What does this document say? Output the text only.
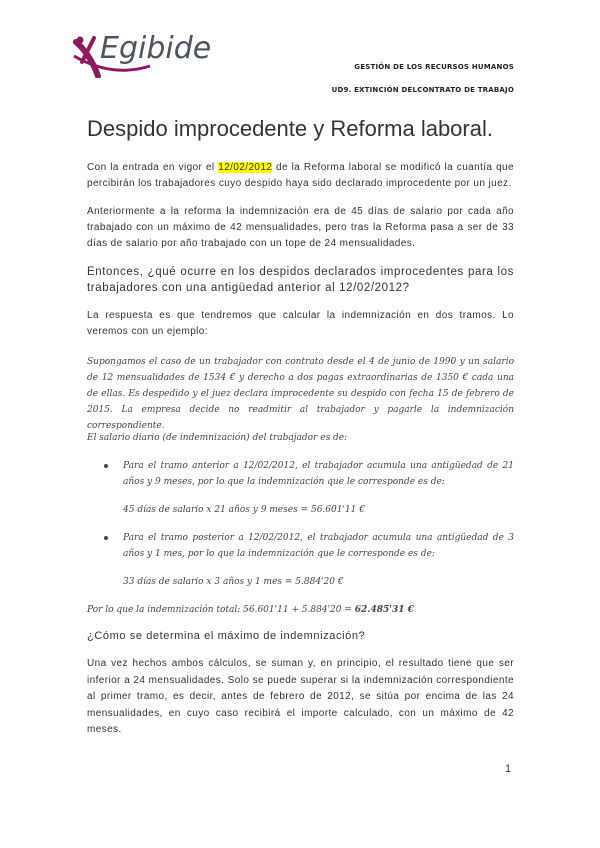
Egibide
GESTIÓN DE LOS RECURSOS HUMANOS
UD9. EXTINCIÓN DELCONTRATO DE TRABAJO
Despido improcedente y Reforma laboral.
Con la entrada en vigor el 12/02/2012 de la Reforma laboral se modificó la cuantía que percibirán los trabajadores cuyo despido haya sido declarado improcedente por un juez.
Anteriormente a la reforma la indemnización era de 45 días de salario por cada año trabajado con un máximo de 42 mensualidades, pero tras la Reforma pasa a ser de 33 días de salario por año trabajado con un tope de 24 mensualidades.
Entonces, ¿qué ocurre en los despidos declarados improcedentes para los trabajadores con una antigüedad anterior al 12/02/2012?
La respuesta es que tendremos que calcular la indemnización en dos tramos. Lo veremos con un ejemplo:
Supongamos el caso de un trabajador con contrato desde el 4 de junio de 1990 y un salario de 12 mensualidades de 1534 € y derecho a dos pagas extraordinarias de 1350 € cada una de ellas. Es despedido y el juez declara improcedente su despido con fecha 15 de febrero de 2015. La empresa decide no readmitir al trabajador y pagarle la indemnización correspondiente.
El salario diario (de indemnización) del trabajador es de:
Para el tramo anterior a 12/02/2012, el trabajador acumula una antigüedad de 21 años y 9 meses, por lo que la indemnización que le corresponde es de:
45 días de salario x 21 años y 9 meses = 56.601'11 €
Para el tramo posterior a 12/02/2012, el trabajador acumula una antigüedad de 3 años y 1 mes, por lo que la indemnización que le corresponde es de:
33 días de salario x 3 años y 1 mes = 5.884'20 €
Por lo que la indemnización total: 56.601'11 + 5.884'20 = 62.485'31 €
¿Cómo se determina el máximo de indemnización?
Una vez hechos ambos cálculos, se suman y, en principio, el resultado tiene que ser inferior a 24 mensualidades. Solo se puede superar si la indemnización correspondiente al primer tramo, es decir, antes de febrero de 2012, se sitúa por encima de las 24 mensualidades, en cuyo caso recibirá el importe calculado, con un máximo de 42 meses.
1
